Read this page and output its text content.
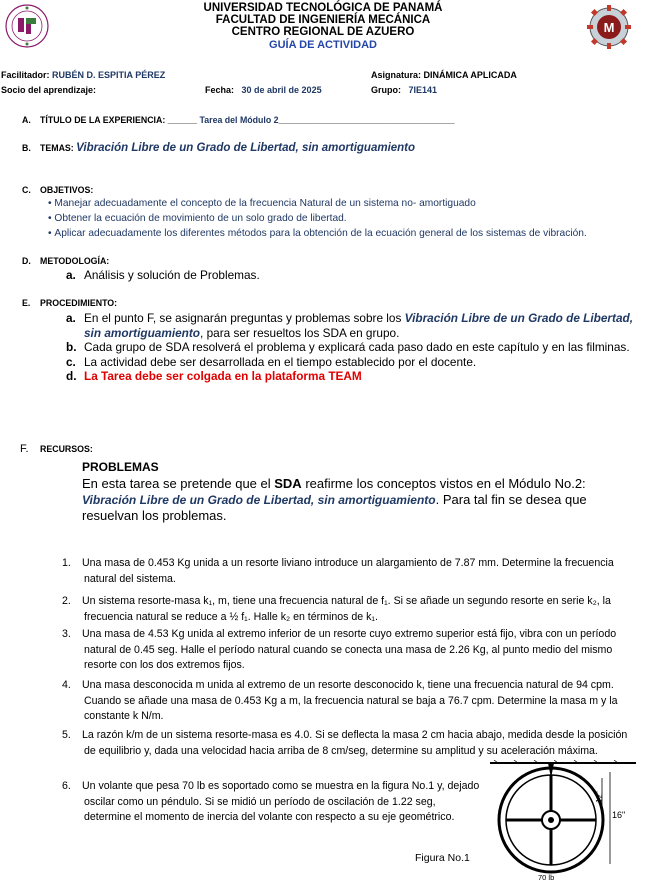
M
UNIVERSIDAD TECNOLÓGICA DE PANAMÁ
FACULTAD DE INGENIERÍA MECÁNICA
CENTRO REGIONAL DE AZUERO
GUÍA DE ACTIVIDAD
Facilitador: RUBÉN D. ESPITIA PÉREZ	Asignatura: DINÁMICA APLICADA
Socio del aprendizaje:	Fecha: 30 de abril de 2025	Grupo: 7IE141
A. TÍTULO DE LA EXPERIENCIA: ______ Tarea del Módulo 2____________________________________
B. TEMAS: Vibración Libre de un Grado de Libertad, sin amortiguamiento
C. OBJETIVOS:
• Manejar adecuadamente el concepto de la frecuencia Natural de un sistema no- amortiguado
• Obtener la ecuación de movimiento de un solo grado de libertad.
• Aplicar adecuadamente los diferentes métodos para la obtención de la ecuación general de los sistemas de vibración.
D. METODOLOGÍA:
a. Análisis y solución de Problemas.
E. PROCEDIMIENTO:
a. En el punto F, se asignarán preguntas y problemas sobre los Vibración Libre de un Grado de Libertad, sin amortiguamiento, para ser resueltos los SDA en grupo.
b. Cada grupo de SDA resolverá el problema y explicará cada paso dado en este capítulo y en las filminas.
c. La actividad debe ser desarrollada en el tiempo establecido por el docente.
d. La Tarea debe ser colgada en la plataforma TEAM
F. RECURSOS:
PROBLEMAS
En esta tarea se pretende que el SDA reafirme los conceptos vistos en el Módulo No.2: Vibración Libre de un Grado de Libertad, sin amortiguamiento. Para tal fin se desea que resuelvan los problemas.
1. Una masa de 0.453 Kg unida a un resorte liviano introduce un alargamiento de 7.87 mm. Determine la frecuencia natural del sistema.
2. Un sistema resorte-masa k₁, m, tiene una frecuencia natural de f₁. Si se añade un segundo resorte en serie k₂, la frecuencia natural se reduce a ½ f₁. Halle k₂ en términos de k₁.
3. Una masa de 4.53 Kg unida al extremo inferior de un resorte cuyo extremo superior está fijo, vibra con un período natural de 0.45 seg. Halle el período natural cuando se conecta una masa de 2.26 Kg, al punto medio del mismo resorte con los dos extremos fijos.
4. Una masa desconocida m unida al extremo de un resorte desconocido k, tiene una frecuencia natural de 94 cpm. Cuando se añade una masa de 0.453 Kg a m, la frecuencia natural se baja a 76.7 cpm. Determine la masa m y la constante k N/m.
5. La razón k/m de un sistema resorte-masa es 4.0. Si se deflecta la masa 2 cm hacia abajo, medida desde la posición de equilibrio y, dada una velocidad hacia arriba de 8 cm/seg, determine su amplitud y su aceleración máxima.
6. Un volante que pesa 70 lb es soportado como se muestra en la figura No.1 y, dejado oscilar como un péndulo. Si se midió un período de oscilación de 1.22 seg, determine el momento de inercia del volante con respecto a su eje geométrico.
12"
16"
70 lb
Figura No.1
